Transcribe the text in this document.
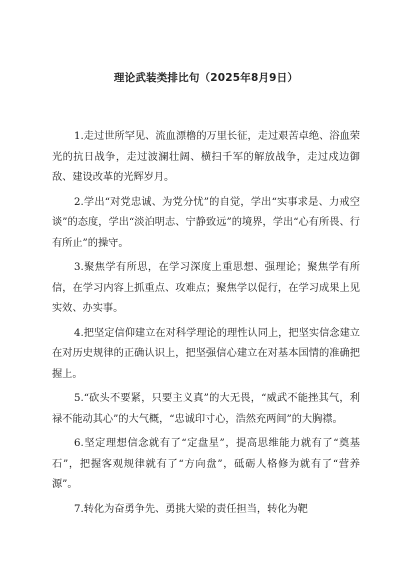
理论武装类排比句（2025年8月9日）

1.走过世所罕见、流血漂橹的万里长征，走过艰苦卓绝、浴血荣光的抗日战争，走过波澜壮阔、横扫千军的解放战争，走过戍边御敌、建设改革的光辉岁月。

2.学出“对党忠诚、为党分忧”的自觉，学出“实事求是、力戒空谈”的态度，学出“淡泊明志、宁静致远”的境界，学出“心有所畏、行有所止”的操守。

3.聚焦学有所思，在学习深度上重思想、强理论；聚焦学有所信，在学习内容上抓重点、攻难点；聚焦学以促行，在学习成果上见实效、办实事。

4.把坚定信仰建立在对科学理论的理性认同上，把坚实信念建立在对历史规律的正确认识上，把坚强信心建立在对基本国情的准确把握上。

5.“砍头不要紧，只要主义真”的大无畏，“威武不能挫其气，利禄不能动其心”的大气概，“忠诚印寸心，浩然充两间”的大胸襟。

6.坚定理想信念就有了“定盘星”，提高思维能力就有了“奠基石”，把握客观规律就有了“方向盘”，砥砺人格修为就有了“营养源”。

7.转化为奋勇争先、勇挑大梁的责任担当，转化为靶
